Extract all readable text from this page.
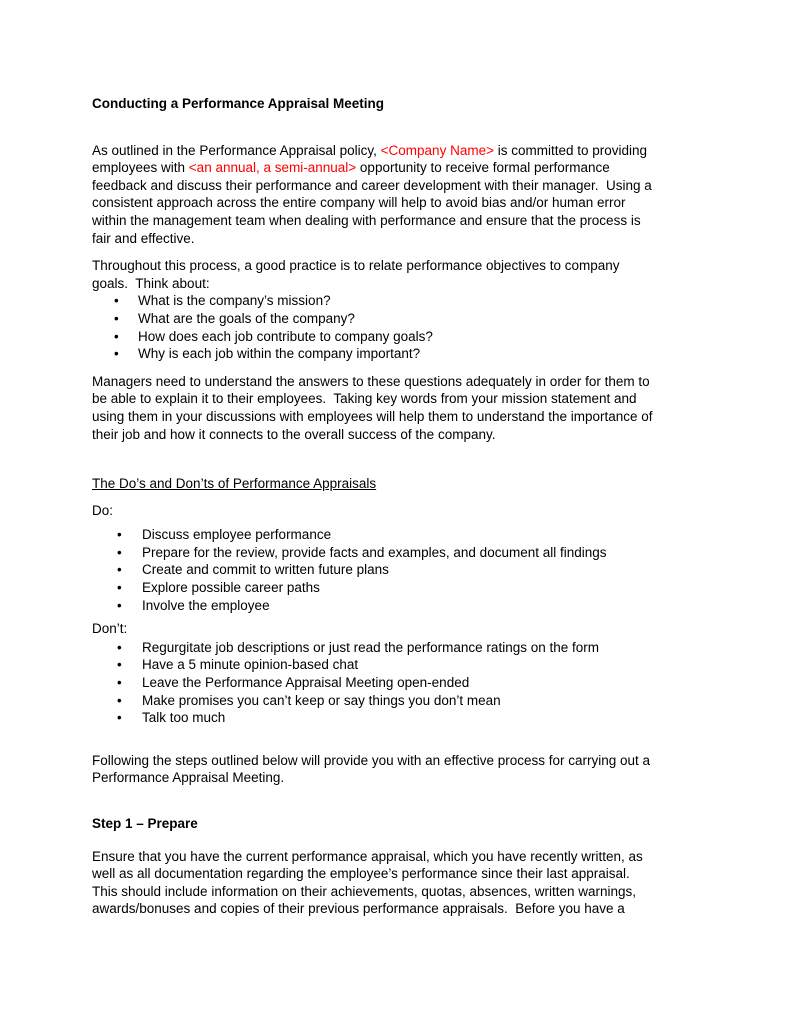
Conducting a Performance Appraisal Meeting
As outlined in the Performance Appraisal policy, <Company Name> is committed to providing
employees with <an annual, a semi-annual> opportunity to receive formal performance
feedback and discuss their performance and career development with their manager.  Using a
consistent approach across the entire company will help to avoid bias and/or human error
within the management team when dealing with performance and ensure that the process is
fair and effective.
Throughout this process, a good practice is to relate performance objectives to company
goals.  Think about:
• What is the company’s mission?
• What are the goals of the company?
• How does each job contribute to company goals?
• Why is each job within the company important?
Managers need to understand the answers to these questions adequately in order for them to
be able to explain it to their employees.  Taking key words from your mission statement and
using them in your discussions with employees will help them to understand the importance of
their job and how it connects to the overall success of the company.
The Do’s and Don’ts of Performance Appraisals
Do:
• Discuss employee performance
• Prepare for the review, provide facts and examples, and document all findings
• Create and commit to written future plans
• Explore possible career paths
• Involve the employee
Don’t:
• Regurgitate job descriptions or just read the performance ratings on the form
• Have a 5 minute opinion-based chat
• Leave the Performance Appraisal Meeting open-ended
• Make promises you can’t keep or say things you don’t mean
• Talk too much
Following the steps outlined below will provide you with an effective process for carrying out a
Performance Appraisal Meeting.
Step 1 – Prepare
Ensure that you have the current performance appraisal, which you have recently written, as
well as all documentation regarding the employee’s performance since their last appraisal.
This should include information on their achievements, quotas, absences, written warnings,
awards/bonuses and copies of their previous performance appraisals.  Before you have a
